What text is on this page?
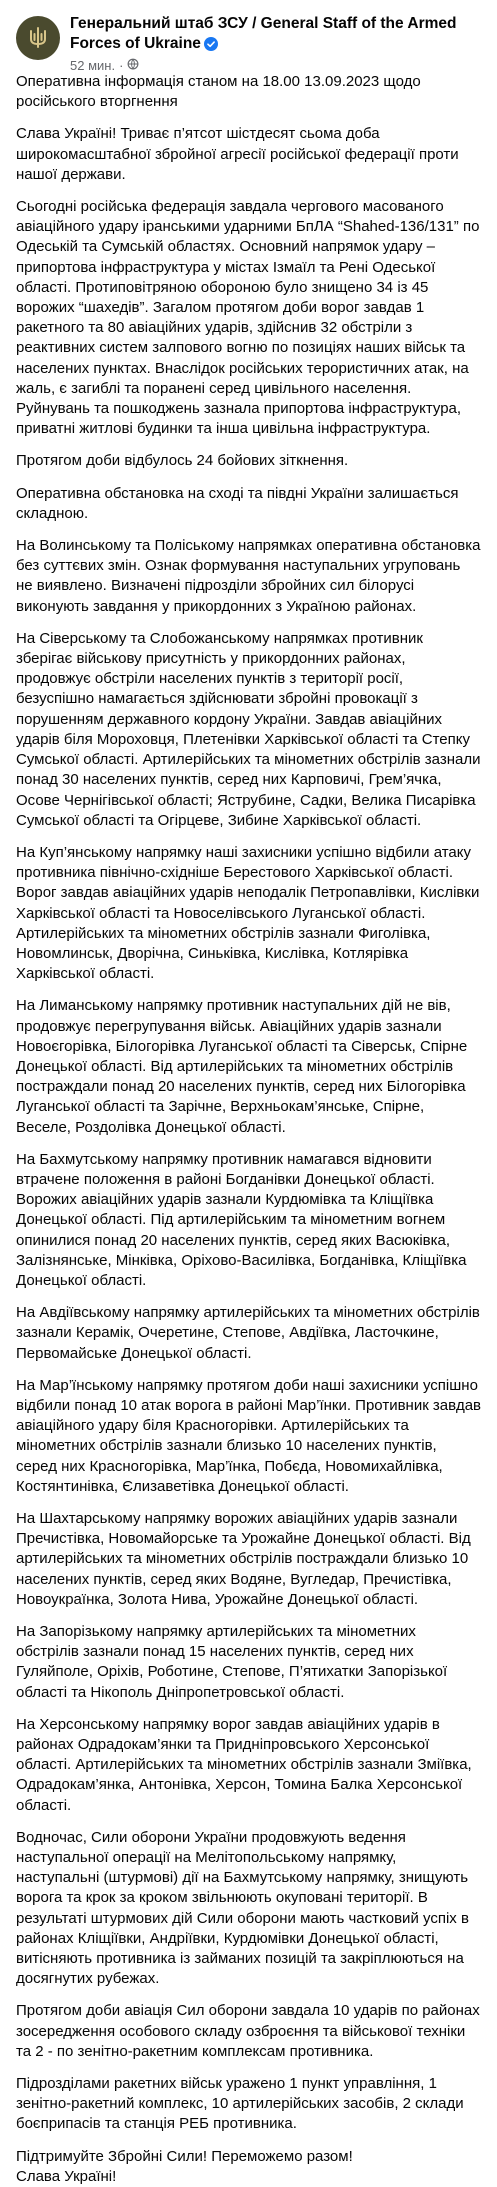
Генеральний штаб ЗСУ / General Staff of the Armed Forces of Ukraine
52 мин. ·

Оперативна інформація станом на 18.00 13.09.2023 щодо російського вторгнення

Слава Україні! Триває п’ятсот шістдесят сьома доба широкомасштабної збройної агресії російської федерації проти нашої держави.

Сьогодні російська федерація завдала чергового масованого авіаційного удару іранськими ударними БпЛА “Shahed-136/131” по Одеській та Сумській областях. Основний напрямок удару – припортова інфраструктура у містах Ізмаїл та Рені Одеської області. Протиповітряною обороною було знищено 34 із 45 ворожих “шахедів”. Загалом протягом доби ворог завдав 1 ракетного та 80 авіаційних ударів, здійснив 32 обстріли з реактивних систем залпового вогню по позиціях наших військ та населених пунктах. Внаслідок російських терористичних атак, на жаль, є загиблі та поранені серед цивільного населення. Руйнувань та пошкоджень зазнала припортова інфраструктура, приватні житлові будинки та інша цивільна інфраструктура.

Протягом доби відбулось 24 бойових зіткнення.

Оперативна обстановка на сході та півдні України залишається складною.

На Волинському та Поліському напрямках оперативна обстановка без суттєвих змін. Ознак формування наступальних угруповань не виявлено. Визначені підрозділи збройних сил білорусі виконують завдання у прикордонних з Україною районах.

На Сіверському та Слобожанському напрямках противник зберігає військову присутність у прикордонних районах, продовжує обстріли населених пунктів з території росії, безуспішно намагається здійснювати збройні провокації з порушенням державного кордону України. Завдав авіаційних ударів біля Мороховця, Плетенівки Харківської області та Степку Сумської області. Артилерійських та мінометних обстрілів зазнали понад 30 населених пунктів, серед них Карповичі, Грем’ячка, Осове Чернігівської області; Яструбине, Садки, Велика Писарівка Сумської області та Огірцеве, Зибине Харківської області.

На Куп’янському напрямку наші захисники успішно відбили атаку противника північно-східніше Берестового Харківської області. Ворог завдав авіаційних ударів неподалік Петропавлівки, Кислівки Харківської області та Новоселівського Луганської області. Артилерійських та мінометних обстрілів зазнали Фиголівка, Новомлинськ, Дворічна, Синьківка, Кислівка, Котлярівка Харківської області.

На Лиманському напрямку противник наступальних дій не вів, продовжує перегрупування військ. Авіаційних ударів зазнали Новоєгорівка, Білогорівка Луганської області та Сіверськ, Спірне Донецької області. Від артилерійських та мінометних обстрілів постраждали понад 20 населених пунктів, серед них Білогорівка Луганської області та Зарічне, Верхньокам’янське, Спірне, Веселе, Роздолівка Донецької області.

На Бахмутському напрямку противник намагався відновити втрачене положення в районі Богданівки Донецької області. Ворожих авіаційних ударів зазнали Курдюмівка та Кліщіївка Донецької області. Під артилерійським та мінометним вогнем опинилися понад 20 населених пунктів, серед яких Васюківка, Залізнянське, Мінківка, Оріхово-Василівка, Богданівка, Кліщіївка Донецької області.

На Авдіївському напрямку артилерійських та мінометних обстрілів зазнали Керамік, Очеретине, Степове, Авдіївка, Ласточкине, Первомайське Донецької області.

На Мар’їнському напрямку протягом доби наші захисники успішно відбили понад 10 атак ворога в районі Мар’їнки. Противник завдав авіаційного удару біля Красногорівки. Артилерійських та мінометних обстрілів зазнали близько 10 населених пунктів, серед них Красногорівка, Мар’їнка, Побєда, Новомихайлівка, Костянтинівка, Єлизаветівка Донецької області.

На Шахтарському напрямку ворожих авіаційних ударів зазнали Пречистівка, Новомайорське та Урожайне Донецької області. Від артилерійських та мінометних обстрілів постраждали близько 10 населених пунктів, серед яких Водяне, Вугледар, Пречистівка, Новоукраїнка, Золота Нива, Урожайне Донецької області.

На Запорізькому напрямку артилерійських та мінометних обстрілів зазнали понад 15 населених пунктів, серед них Гуляйполе, Оріхів, Роботине, Степове, П’ятихатки Запорізької області та Нікополь Дніпропетровської області.

На Херсонському напрямку ворог завдав авіаційних ударів в районах Одрадокам’янки та Придніпровського Херсонської області. Артилерійських та мінометних обстрілів зазнали Зміївка, Одрадокам’янка, Антонівка, Херсон, Томина Балка Херсонської області.

Водночас, Сили оборони України продовжують ведення наступальної операції на Мелітопольському напрямку, наступальні (штурмові) дії на Бахмутському напрямку, знищують ворога та крок за кроком звільнюють окуповані території. В результаті штурмових дій Сили оборони мають частковий успіх в районах Кліщіївки, Андріївки, Курдюмівки Донецької області, витісняють противника із займаних позицій та закріплюються на досягнутих рубежах.

Протягом доби авіація Сил оборони завдала 10 ударів по районах зосередження особового складу озброєння та військової техніки та 2 - по зенітно-ракетним комплексам противника.

Підрозділами ракетних військ уражено 1 пункт управління, 1 зенітно-ракетний комплекс, 10 артилерійських засобів, 2 склади боєприпасів та станція РЕБ противника.

Підтримуйте Збройні Сили! Переможемо разом!
Слава Україні!
